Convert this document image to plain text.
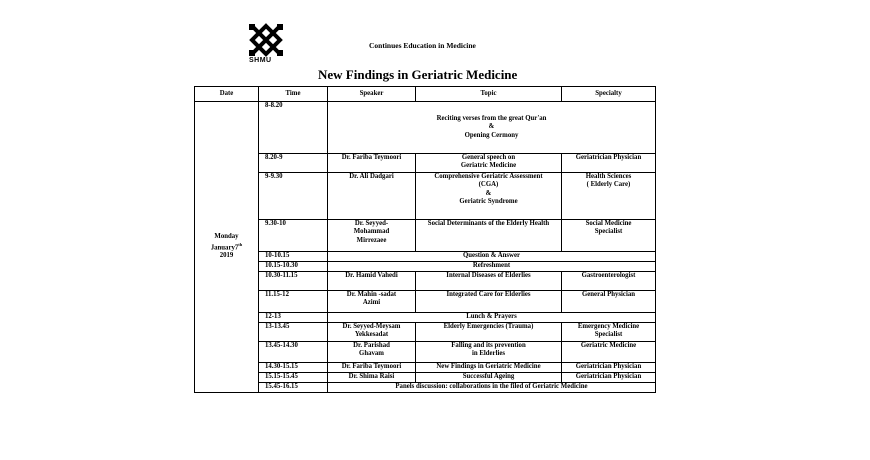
SHMU
Continues Education in Medicine
New Findings in Geriatric Medicine
Date	Time	Speaker	Topic	Specialty
Monday
January7th
2019	8-8.20	Reciting verses from the great Qur'an
&
Opening Cermony		
	8.20-9	Dr. Fariba Teymoori	General speech on
Geriatric Medicine	Geriatrician Physician
	9-9.30	Dr. Ali Dadgari	Comprehensive Geriatric Assessment
(CGA)
&
Geriatric Syndrome	Health Sciences
( Elderly Care)
	9.30-10	Dr. Seyyed-
Mohammad
Mirrezaee	Social Determinants of the Elderly Health	Social Medicine
Specialist
	10-10.15	Question & Answer		
	10.15-10.30	Refreshment		
	10.30-11.15	Dr. Hamid Vahedi	Internal Diseases of Elderlies	Gastroenterologist
	11.15-12	Dr. Mahin -sadat
Azimi	Integrated Care for Elderlies	General Physician
	12-13	Lunch & Prayers		
	13-13.45	Dr. Seyyed-Meysam
Yekkesadat	Elderly Emergencies (Trauma)	Emergency Medicine
Specialist
	13.45-14.30	Dr. Parishad
Ghavam	Falling and its prevention
in Elderlies	Geriatric Medicine
	14.30-15.15	Dr. Fariba Teymoori	New Findings in Geriatric Medicine	Geriatrician Physician
	15.15-15.45	Dr. Shima Raisi	Successful Ageing	Geriatrician Physician
	15.45-16.15	Panels discussion: collaborations in the filed of Geriatric Medicine		
